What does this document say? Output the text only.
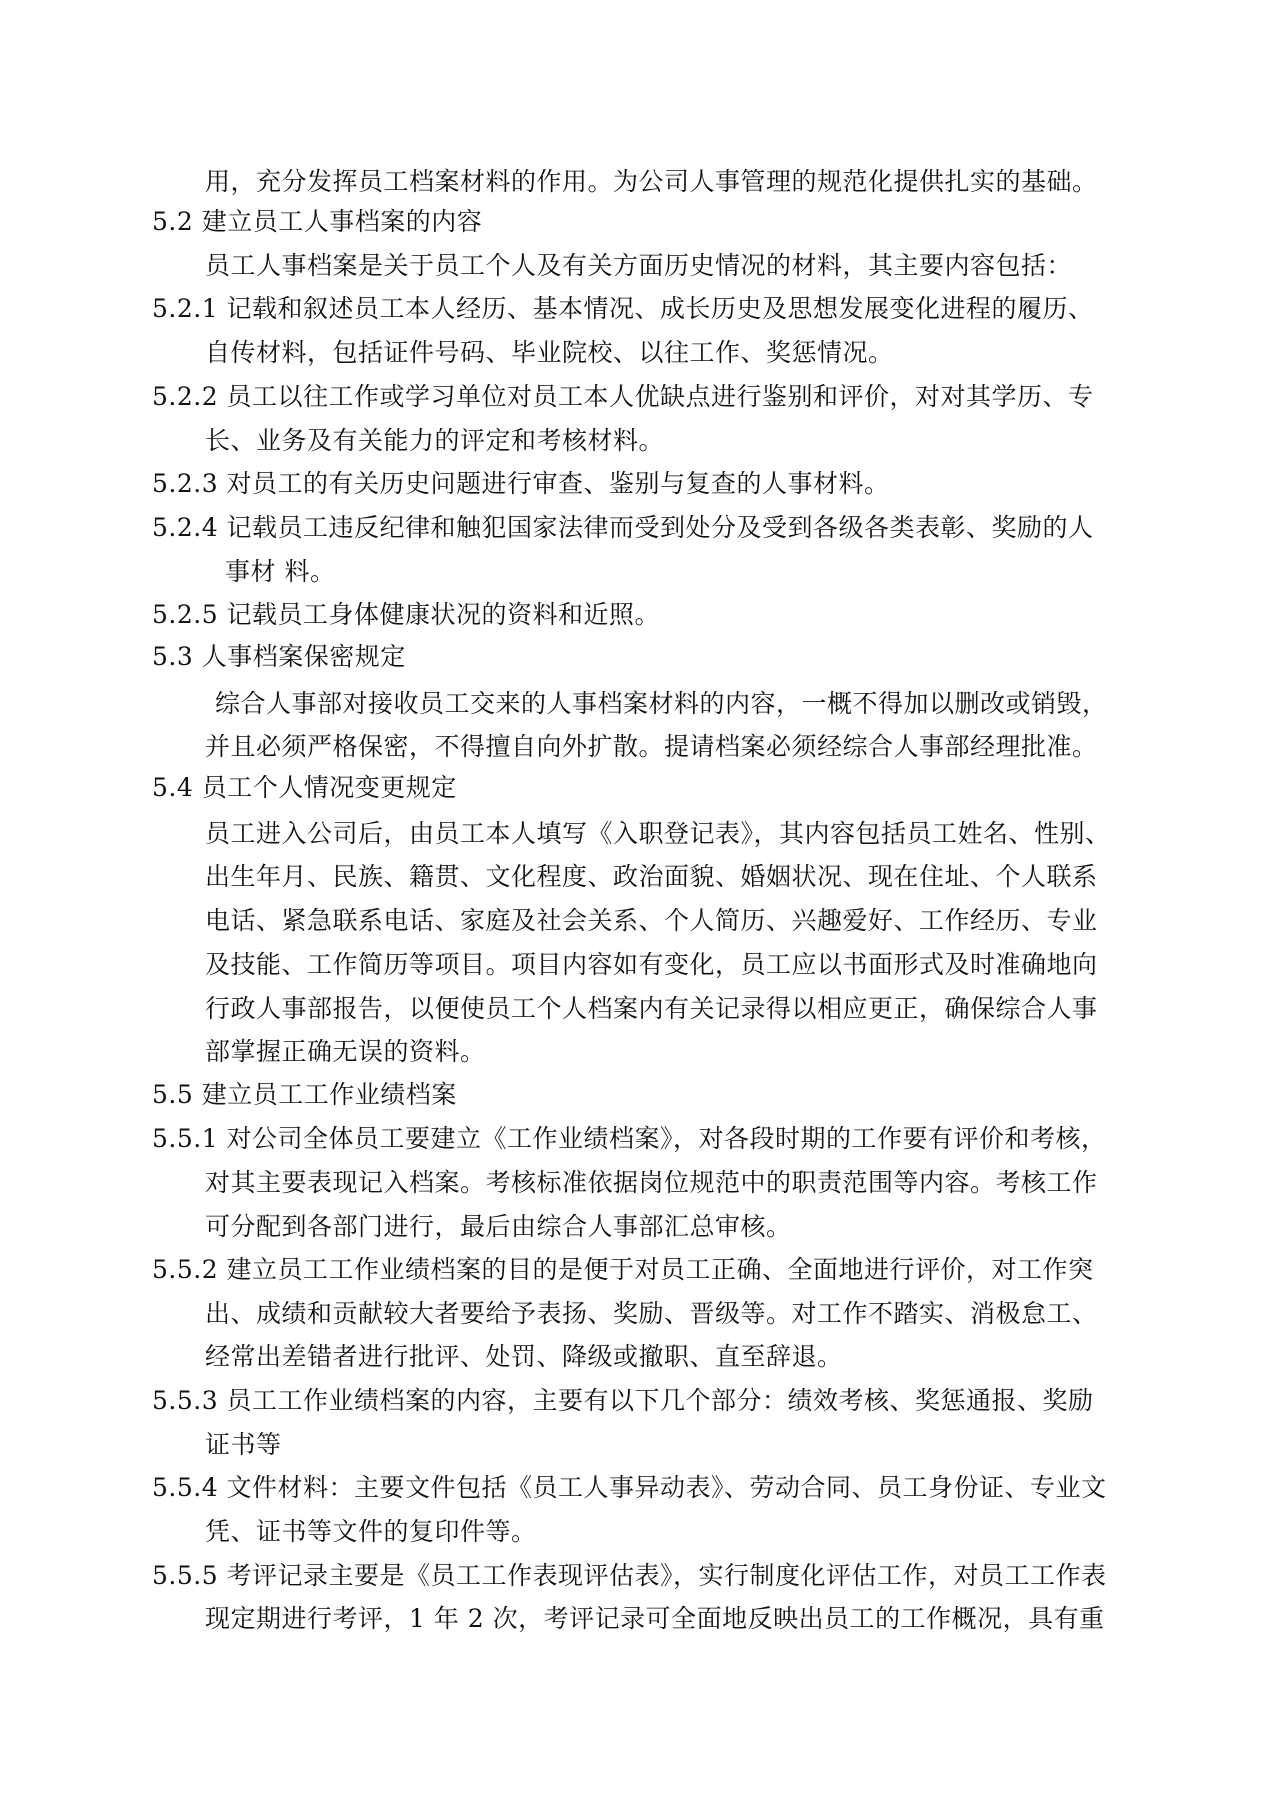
用，充分发挥员工档案材料的作用。为公司人事管理的规范化提供扎实的基础。
5.2 建立员工人事档案的内容
员工人事档案是关于员工个人及有关方面历史情况的材料，其主要内容包括：
5.2.1 记载和叙述员工本人经历、基本情况、成长历史及思想发展变化进程的履历、
自传材料，包括证件号码、毕业院校、以往工作、奖惩情况。
5.2.2 员工以往工作或学习单位对员工本人优缺点进行鉴别和评价，对对其学历、专
长、业务及有关能力的评定和考核材料。
5.2.3 对员工的有关历史问题进行审查、鉴别与复查的人事材料。
5.2.4 记载员工违反纪律和触犯国家法律而受到处分及受到各级各类表彰、奖励的人
事材 料。
5.2.5 记载员工身体健康状况的资料和近照。
5.3 人事档案保密规定
综合人事部对接收员工交来的人事档案材料的内容，一概不得加以删改或销毁，
并且必须严格保密，不得擅自向外扩散。提请档案必须经综合人事部经理批准。
5.4 员工个人情况变更规定
员工进入公司后，由员工本人填写《入职登记表》，其内容包括员工姓名、性别、
出生年月、民族、籍贯、文化程度、政治面貌、婚姻状况、现在住址、个人联系
电话、紧急联系电话、家庭及社会关系、个人简历、兴趣爱好、工作经历、专业
及技能、工作简历等项目。项目内容如有变化，员工应以书面形式及时准确地向
行政人事部报告，以便使员工个人档案内有关记录得以相应更正，确保综合人事
部掌握正确无误的资料。
5.5 建立员工工作业绩档案
5.5.1 对公司全体员工要建立《工作业绩档案》，对各段时期的工作要有评价和考核，
对其主要表现记入档案。考核标准依据岗位规范中的职责范围等内容。考核工作
可分配到各部门进行，最后由综合人事部汇总审核。
5.5.2 建立员工工作业绩档案的目的是便于对员工正确、全面地进行评价，对工作突
出、成绩和贡献较大者要给予表扬、奖励、晋级等。对工作不踏实、消极怠工、
经常出差错者进行批评、处罚、降级或撤职、直至辞退。
5.5.3 员工工作业绩档案的内容，主要有以下几个部分：绩效考核、奖惩通报、奖励
证书等
5.5.4 文件材料：主要文件包括《员工人事异动表》、劳动合同、员工身份证、专业文
凭、证书等文件的复印件等。
5.5.5 考评记录主要是《员工工作表现评估表》，实行制度化评估工作，对员工工作表
现定期进行考评，1 年 2 次，考评记录可全面地反映出员工的工作概况，具有重
